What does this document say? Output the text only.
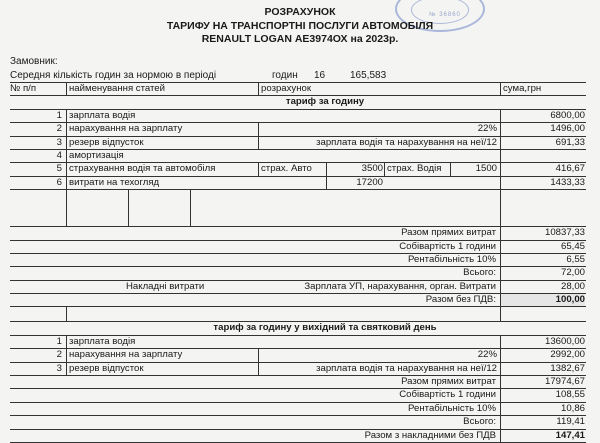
№ 36860
РОЗРАХУНОК
ТАРИФУ НА ТРАНСПОРТНІ ПОСЛУГИ АВТОМОБІЛЯ
RENAULT LOGAN АЕ3974ОХ на 2023р.
Замовник:
Середня кількість годин за нормою в періоді	годин 16 165,583
№ п/п	найменування статей	розрахунок	сума,грн
тариф за годину
1 зарплата водія	6800,00
2 нарахування на зарплату	22%	1496,00
3 резерв відпусток	зарплата водія та нарахування на неї/12	691,33
4 амортизація
5 страхування водія та автомобіля	страх. Авто	3500 страх. Водія	1500	416,67
6 витрати на техогляд	17200	1433,33
Разом прямих витрат	10837,33
Собівартість 1 години	65,45
Рентабільність 10%	6,55
Всього:	72,00
Накладні витрати	Зарплата УП, нарахування, орган. Витрати	28,00
Разом без ПДВ:	100,00
тариф за годину у вихідний та святковий день
1 зарплата водія	13600,00
2 нарахування на зарплату	22%	2992,00
3 резерв відпусток	зарплата водія та нарахування на неї/12	1382,67
Разом прямих витрат	17974,67
Собівартість 1 години	108,55
Рентабільність 10%	10,86
Всього:	119,41
Разом з накладними без ПДВ	147,41
